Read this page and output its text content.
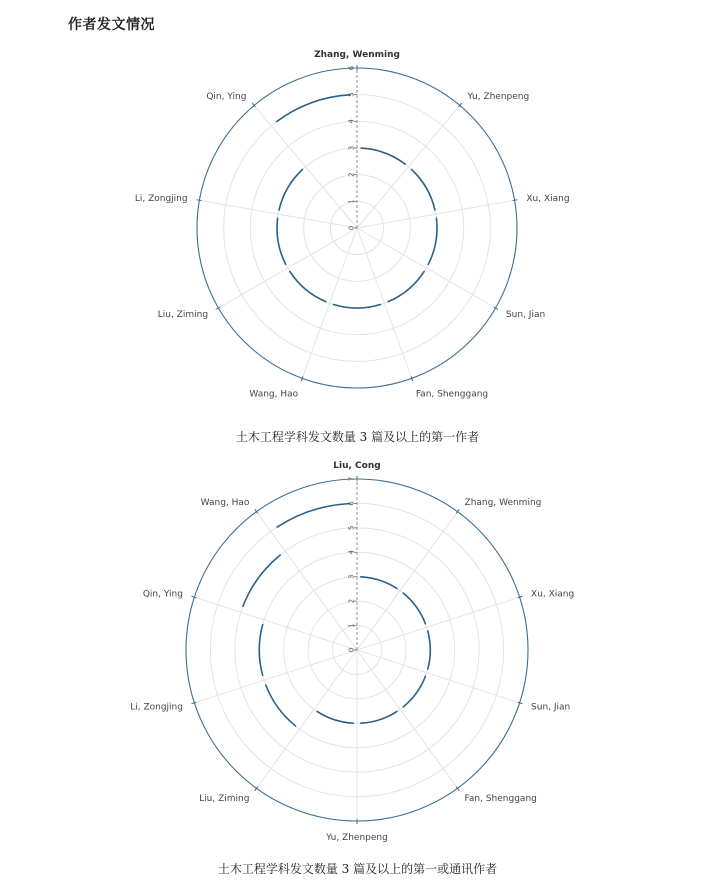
作者发文情况
0
1
2
3
4
5
6
Zhang, Wenming
Yu, Zhenpeng
Xu, Xiang
Sun, Jian
Fan, Shenggang
Wang, Hao
Liu, Ziming
Li, Zongjing
Qin, Ying
土木工程学科发文数量 3 篇及以上的第一作者
0
1
2
3
4
5
6
7
Liu, Cong
Zhang, Wenming
Xu, Xiang
Sun, Jian
Fan, Shenggang
Yu, Zhenpeng
Liu, Ziming
Li, Zongjing
Qin, Ying
Wang, Hao
土木工程学科发文数量 3 篇及以上的第一或通讯作者
